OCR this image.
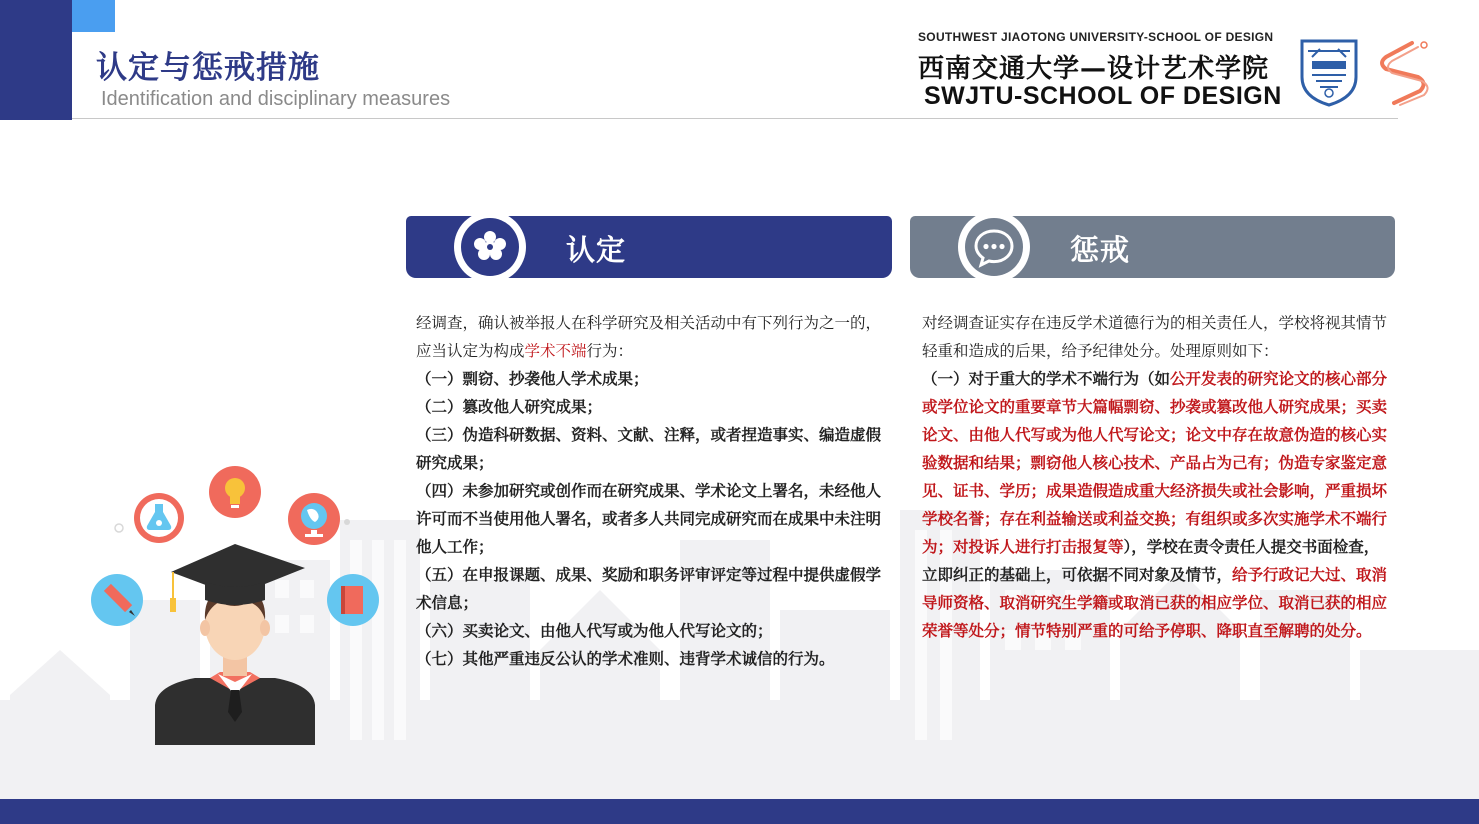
认定与惩戒措施
Identification and disciplinary measures
SOUTHWEST JIAOTONG UNIVERSITY-SCHOOL OF DESIGN
西南交通大学—设计艺术学院
SWJTU-SCHOOL OF DESIGN
认定	惩戒

经调查，确认被举报人在科学研究及相关活动中有下列行为之一的，
应当认定为构成学术不端行为：

（一）剽窃、抄袭他人学术成果；

（二）篡改他人研究成果；

（三）伪造科研数据、资料、文献、注释，或者捏造事实、编造虚假研究成果；

（四）未参加研究或创作而在研究成果、学术论文上署名，未经他人许可而不当使用他人署名，或者多人共同完成研究而在成果中未注明他人工作；

（五）在申报课题、成果、奖励和职务评审评定等过程中提供虚假学术信息；

（六）买卖论文、由他人代写或为他人代写论文的；

（七）其他严重违反公认的学术准则、违背学术诚信的行为。

对经调查证实存在违反学术道德行为的相关责任人，学校将视其情节轻重和造成的后果，给予纪律处分。处理原则如下：

（一）对于重大的学术不端行为（如公开发表的研究论文的核心部分或学位论文的重要章节大篇幅剽窃、抄袭或篡改他人研究成果；买卖论文、由他人代写或为他人代写论文；论文中存在故意伪造的核心实验数据和结果；剽窃他人核心技术、产品占为己有；伪造专家鉴定意见、证书、学历；成果造假造成重大经济损失或社会影响，严重损坏学校名誉；存在利益输送或利益交换；有组织或多次实施学术不端行为；对投诉人进行打击报复等），学校在责令责任人提交书面检查，立即纠正的基础上，可依据不同对象及情节，给予行政记大过、取消导师资格、取消研究生学籍或取消已获的相应学位、取消已获的相应荣誉等处分；情节特别严重的可给予停职、降职直至解聘的处分。
